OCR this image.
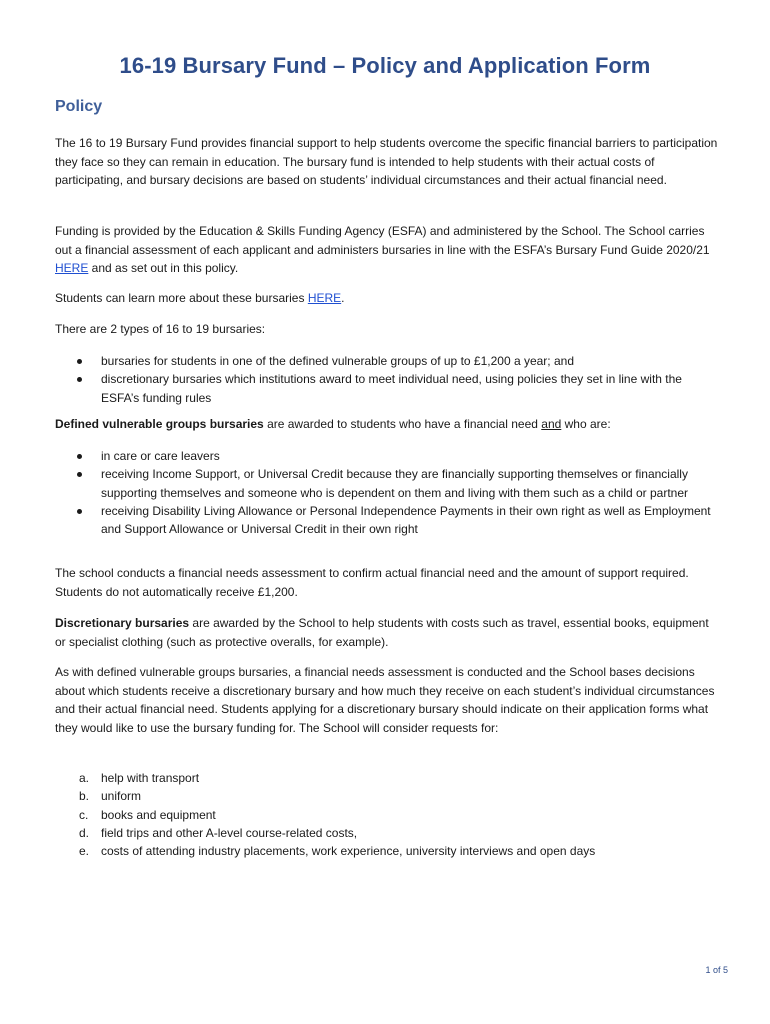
16-19 Bursary Fund – Policy and Application Form
Policy

The 16 to 19 Bursary Fund provides financial support to help students overcome the specific financial barriers to participation they face so they can remain in education. The bursary fund is intended to help students with their actual costs of participating, and bursary decisions are based on students’ individual circumstances and their actual financial need.

Funding is provided by the Education & Skills Funding Agency (ESFA) and administered by the School. The School carries out a financial assessment of each applicant and administers bursaries in line with the ESFA’s Bursary Fund Guide 2020/21 HERE and as set out in this policy.

Students can learn more about these bursaries HERE.

There are 2 types of 16 to 19 bursaries:

bursaries for students in one of the defined vulnerable groups of up to £1,200 a year; and
discretionary bursaries which institutions award to meet individual need, using policies they set in line with the ESFA’s funding rules

Defined vulnerable groups bursaries are awarded to students who have a financial need and who are:

in care or care leavers
receiving Income Support, or Universal Credit because they are financially supporting themselves or financially supporting themselves and someone who is dependent on them and living with them such as a child or partner
receiving Disability Living Allowance or Personal Independence Payments in their own right as well as Employment and Support Allowance or Universal Credit in their own right

The school conducts a financial needs assessment to confirm actual financial need and the amount of support required. Students do not automatically receive £1,200.

Discretionary bursaries are awarded by the School to help students with costs such as travel, essential books, equipment or specialist clothing (such as protective overalls, for example).

As with defined vulnerable groups bursaries, a financial needs assessment is conducted and the School bases decisions about which students receive a discretionary bursary and how much they receive on each student’s individual circumstances and their actual financial need. Students applying for a discretionary bursary should indicate on their application forms what they would like to use the bursary funding for. The School will consider requests for:

a. help with transport
b. uniform
c. books and equipment
d. field trips and other A-level course-related costs,
e. costs of attending industry placements, work experience, university interviews and open days
1 of 5
